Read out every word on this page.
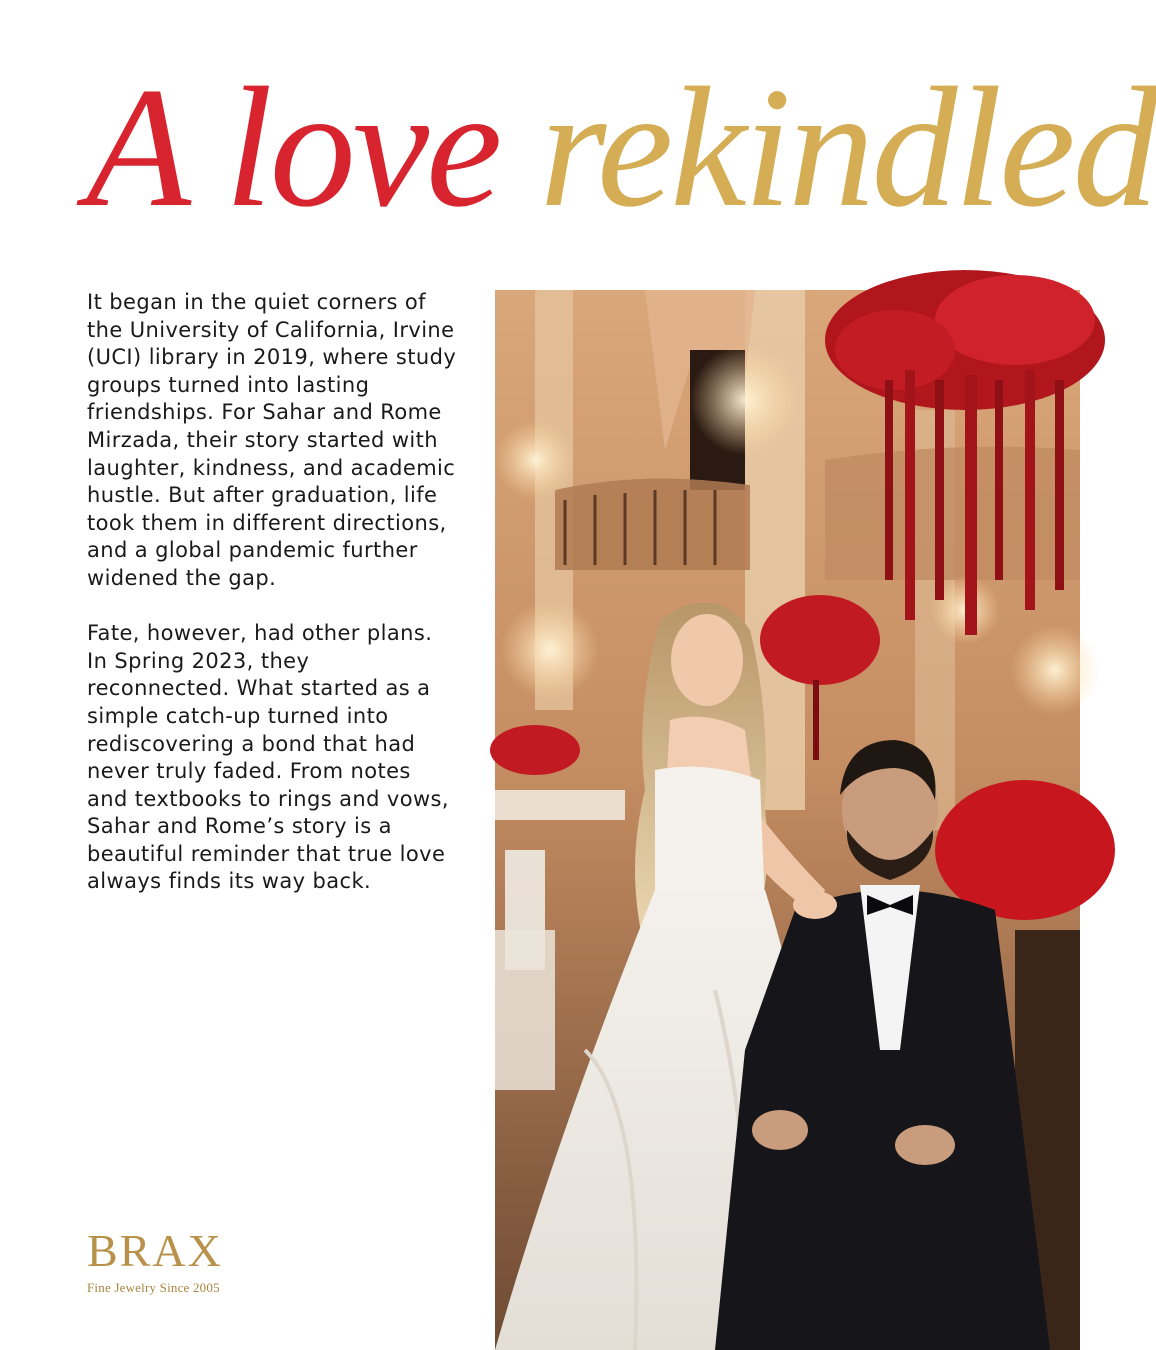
A love rekindled

It began in the quiet corners of the University of California, Irvine (UCI) library in 2019, where study groups turned into lasting friendships. For Sahar and Rome Mirzada, their story started with laughter, kindness, and academic hustle. But after graduation, life took them in different directions, and a global pandemic further widened the gap.

Fate, however, had other plans. In Spring 2023, they reconnected. What started as a simple catch-up turned into rediscovering a bond that had never truly faded. From notes and textbooks to rings and vows, Sahar and Rome’s story is a beautiful reminder that true love always finds its way back.

BRAX
Fine Jewelry Since 2005
